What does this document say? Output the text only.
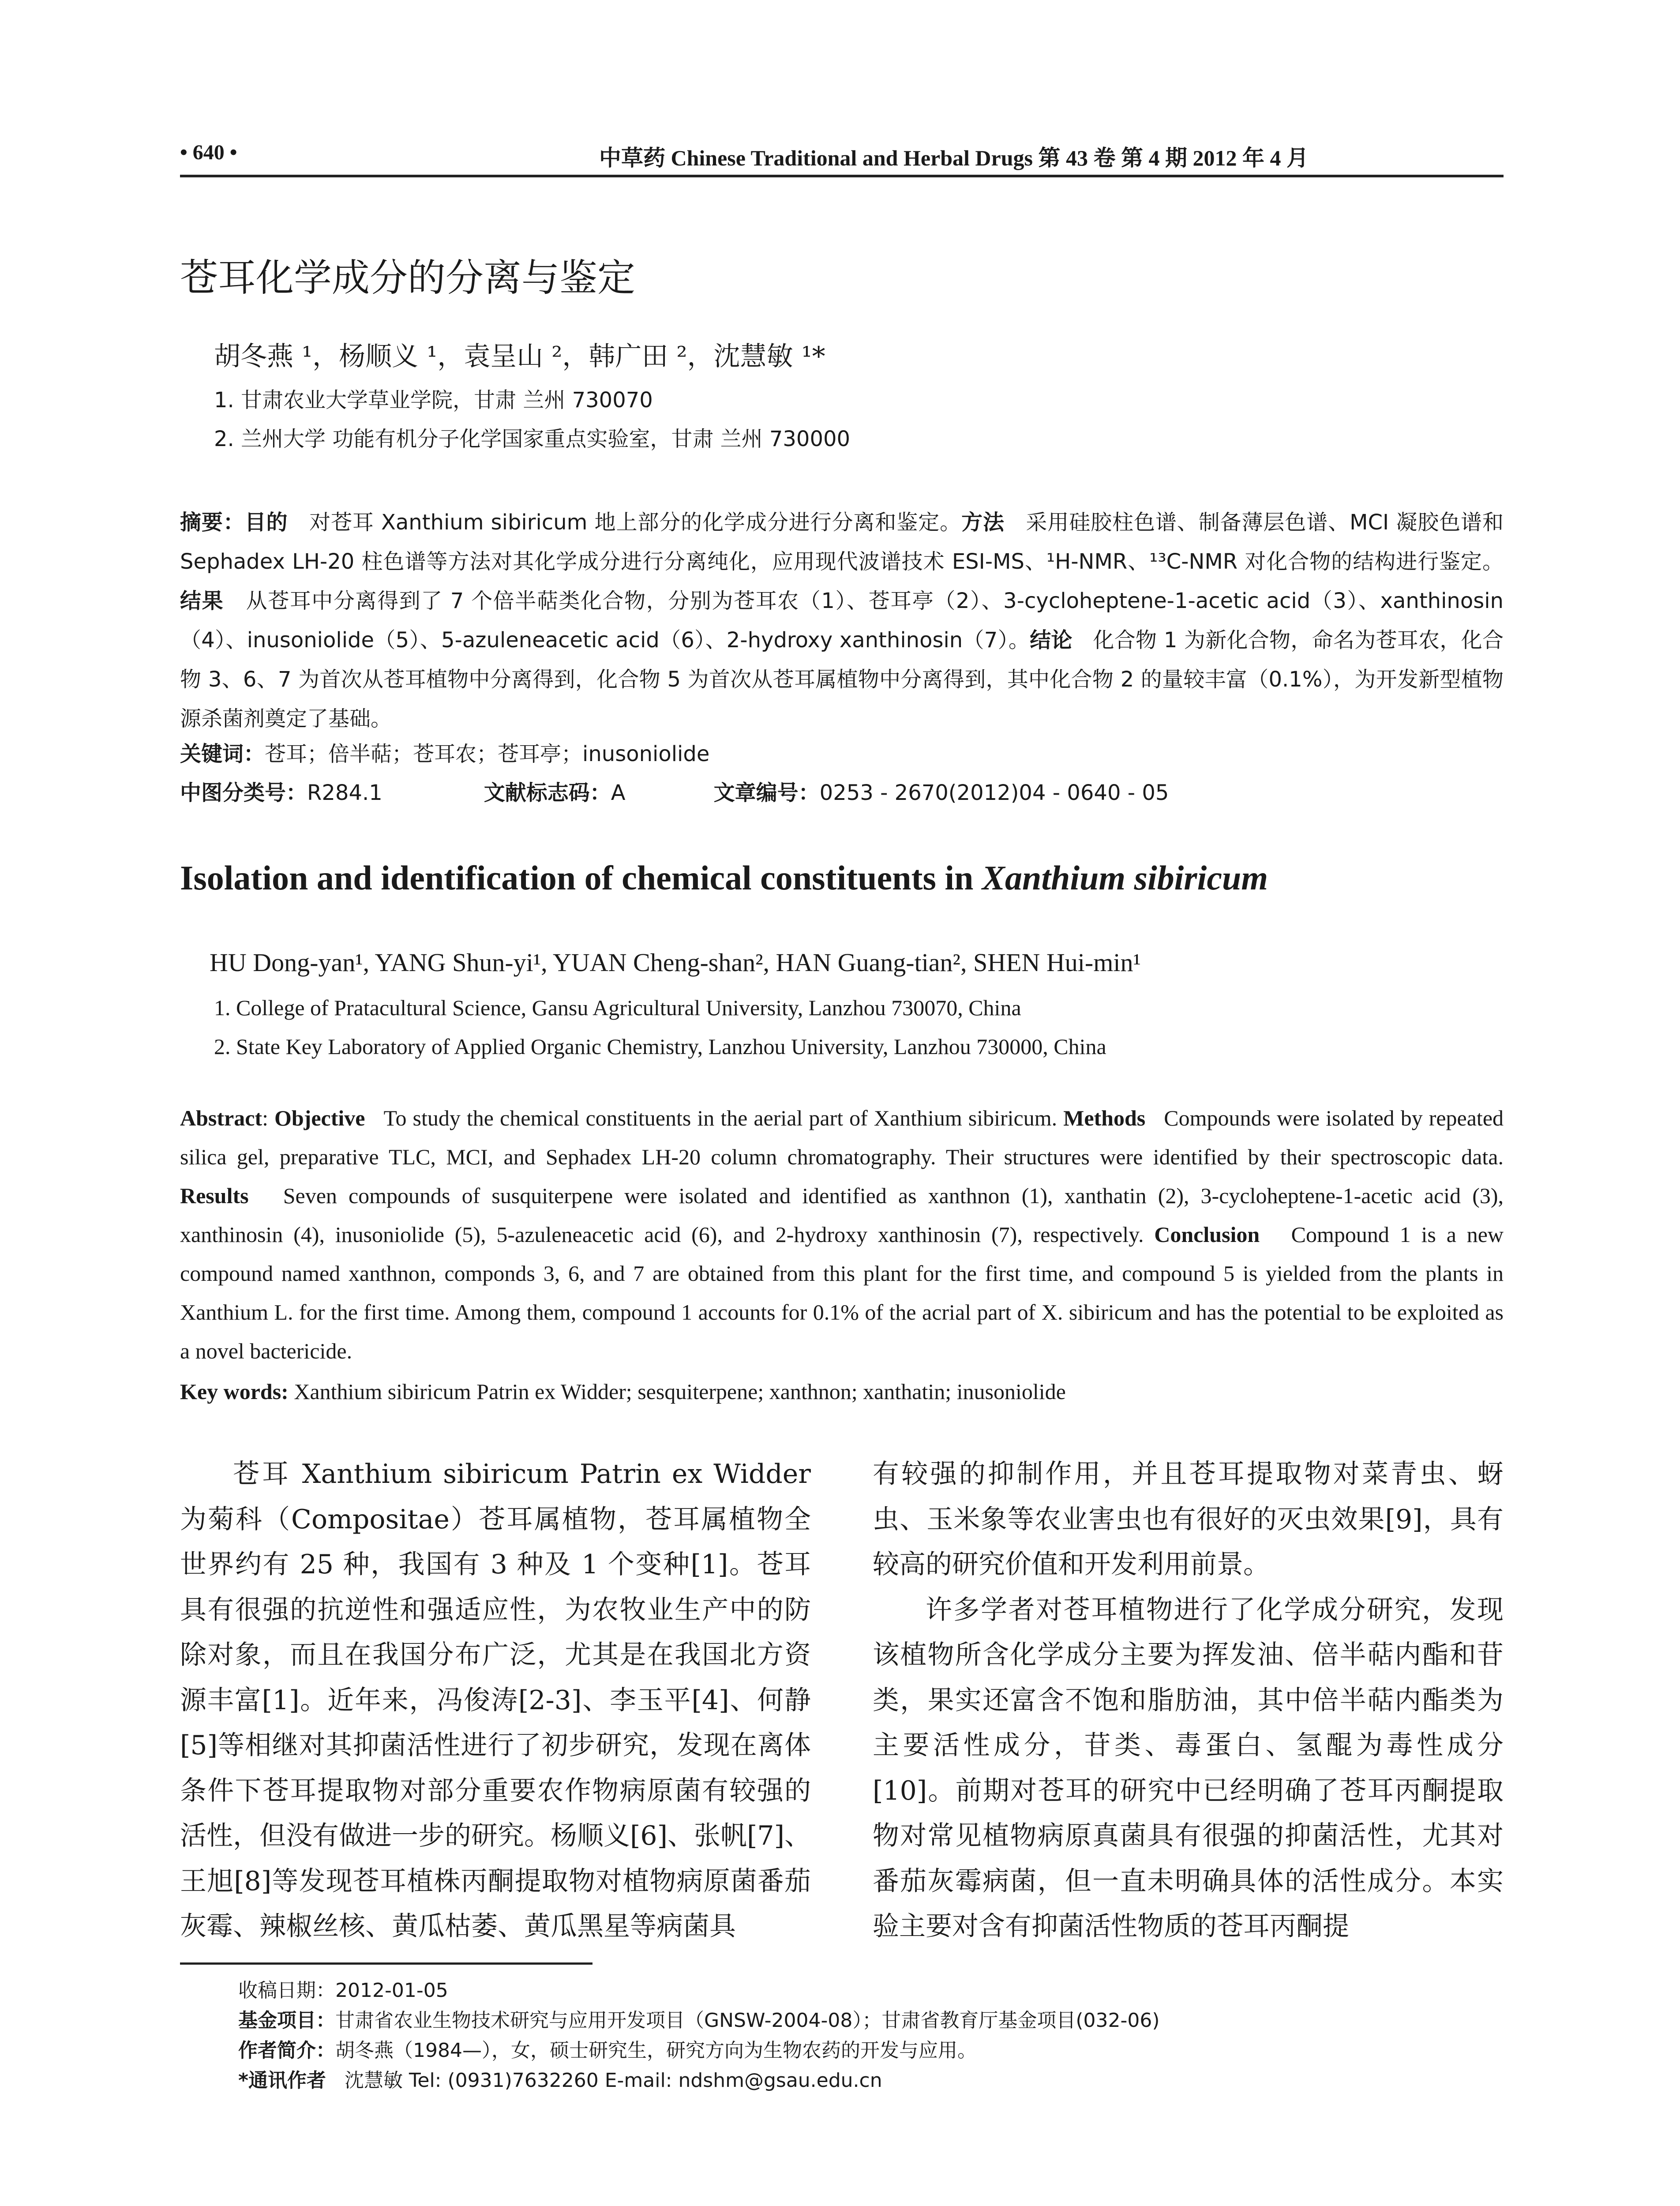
• 640 •	中草药 Chinese Traditional and Herbal Drugs 第 43 卷 第 4 期 2012 年 4 月
苍耳化学成分的分离与鉴定
胡冬燕 ¹，杨顺义 ¹，袁呈山 ²，韩广田 ²，沈慧敏 ¹*
1. 甘肃农业大学草业学院，甘肃 兰州 730070
2. 兰州大学 功能有机分子化学国家重点实验室，甘肃 兰州 730000
摘要：目的 对苍耳 Xanthium sibiricum 地上部分的化学成分进行分离和鉴定。方法 采用硅胶柱色谱、制备薄层色谱、MCI 凝胶色谱和 Sephadex LH-20 柱色谱等方法对其化学成分进行分离纯化，应用现代波谱技术 ESI-MS、¹H-NMR、¹³C-NMR 对化合物的结构进行鉴定。结果 从苍耳中分离得到了 7 个倍半萜类化合物，分别为苍耳农（1）、苍耳亭（2）、3-cycloheptene-1-acetic acid（3）、xanthinosin（4）、inusoniolide（5）、5-azuleneacetic acid（6）、2-hydroxy xanthinosin（7）。结论 化合物 1 为新化合物，命名为苍耳农，化合物 3、6、7 为首次从苍耳植物中分离得到，化合物 5 为首次从苍耳属植物中分离得到，其中化合物 2 的量较丰富（0.1%），为开发新型植物源杀菌剂奠定了基础。
关键词：苍耳；倍半萜；苍耳农；苍耳亭；inusoniolide
中图分类号：R284.1	文献标志码：A	文章编号：0253 - 2670(2012)04 - 0640 - 05
Isolation and identification of chemical constituents in Xanthium sibiricum
HU Dong-yan¹, YANG Shun-yi¹, YUAN Cheng-shan², HAN Guang-tian², SHEN Hui-min¹
1. College of Pratacultural Science, Gansu Agricultural University, Lanzhou 730070, China
2. State Key Laboratory of Applied Organic Chemistry, Lanzhou University, Lanzhou 730000, China
Abstract: Objective To study the chemical constituents in the aerial part of Xanthium sibiricum. Methods Compounds were isolated by repeated silica gel, preparative TLC, MCI, and Sephadex LH-20 column chromatography. Their structures were identified by their spectroscopic data. Results Seven compounds of susquiterpene were isolated and identified as xanthnon (1), xanthatin (2), 3-cycloheptene-1-acetic acid (3), xanthinosin (4), inusoniolide (5), 5-azuleneacetic acid (6), and 2-hydroxy xanthinosin (7), respectively. Conclusion Compound 1 is a new compound named xanthnon, componds 3, 6, and 7 are obtained from this plant for the first time, and compound 5 is yielded from the plants in Xanthium L. for the first time. Among them, compound 1 accounts for 0.1% of the acrial part of X. sibiricum and has the potential to be exploited as a novel bactericide.
Key words: Xanthium sibiricum Patrin ex Widder; sesquiterpene; xanthnon; xanthatin; inusoniolide

苍耳 Xanthium sibiricum Patrin ex Widder 为菊科（Compositae）苍耳属植物，苍耳属植物全世界约有 25 种，我国有 3 种及 1 个变种[1]。苍耳具有很强的抗逆性和强适应性，为农牧业生产中的防除对象，而且在我国分布广泛，尤其是在我国北方资源丰富[1]。近年来，冯俊涛[2-3]、李玉平[4]、何静[5]等相继对其抑菌活性进行了初步研究，发现在离体条件下苍耳提取物对部分重要农作物病原菌有较强的活性，但没有做进一步的研究。杨顺义[6]、张帆[7]、王旭[8]等发现苍耳植株丙酮提取物对植物病原菌番茄灰霉、辣椒丝核、黄瓜枯萎、黄瓜黑星等病菌具

有较强的抑制作用，并且苍耳提取物对菜青虫、蚜虫、玉米象等农业害虫也有很好的灭虫效果[9]，具有较高的研究价值和开发利用前景。

许多学者对苍耳植物进行了化学成分研究，发现该植物所含化学成分主要为挥发油、倍半萜内酯和苷类，果实还富含不饱和脂肪油，其中倍半萜内酯类为主要活性成分，苷类、毒蛋白、氢醌为毒性成分[10]。前期对苍耳的研究中已经明确了苍耳丙酮提取物对常见植物病原真菌具有很强的抑菌活性，尤其对番茄灰霉病菌，但一直未明确具体的活性成分。本实验主要对含有抑菌活性物质的苍耳丙酮提

收稿日期：2012-01-05
基金项目：甘肃省农业生物技术研究与应用开发项目（GNSW-2004-08）；甘肃省教育厅基金项目(032-06)
作者简介：胡冬燕（1984—），女，硕士研究生，研究方向为生物农药的开发与应用。
*通讯作者 沈慧敏 Tel: (0931)7632260 E-mail: ndshm@gsau.edu.cn
